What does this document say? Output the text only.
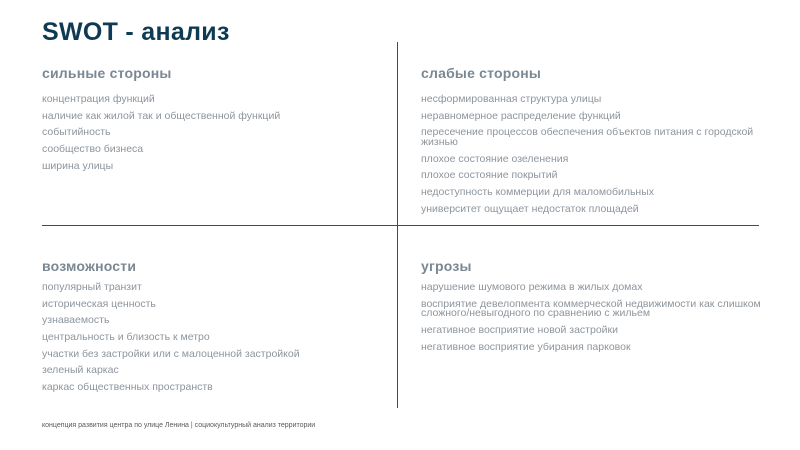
SWOT - анализ
сильные стороны
концентрация функций
наличие как жилой так и общественной функций
событийность
сообщество бизнеса
ширина улицы
слабые стороны
несформированная структура улицы
неравномерное распределение функций
пересечение процессов обеспечения объектов питания с городской жизнью
плохое состояние озеленения
плохое состояние покрытий
недоступность коммерции для маломобильных
университет ощущает недостаток площадей
возможности
популярный транзит
историческая ценность
узнаваемость
центральность и близость к метро
участки без застройки или с малоценной застройкой
зеленый каркас
каркас общественных пространств
угрозы
нарушение шумового режима в жилых домах
восприятие девелопмента коммерческой недвижимости как слишком сложного/невыгодного по сравнению с жильем
негативное восприятие новой застройки
негативное восприятие убирания парковок
концепция развития центра по улице Ленина | социокультурный анализ территории
